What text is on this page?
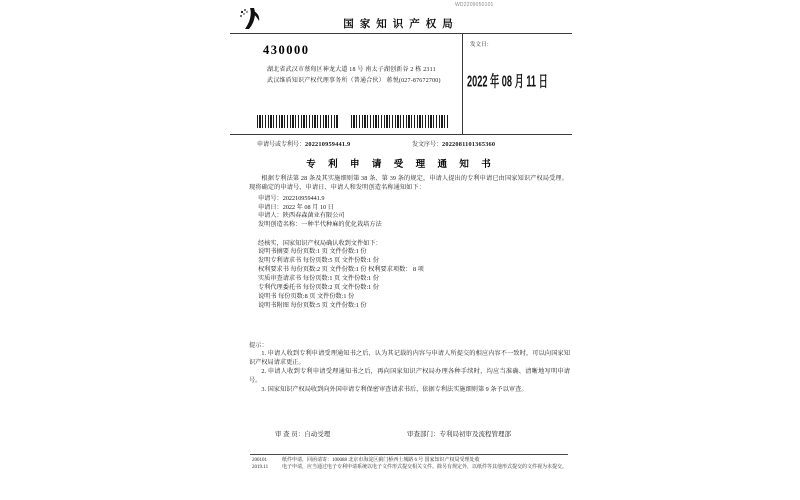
WD2209050101
国家知识产权局
发文日：
2022 年 08 月 11 日
430000
湖北省武汉市蔡甸区神龙大道 18 号 南太子湖创新谷 2 栋 2311
武汉维盾知识产权代理事务所（普通合伙） 蒋悦(027-87672700)
申请号或专利号：202210959441.9	发文序号：2022081101365360
专 利 申 请 受 理 通 知 书
根据专利法第 28 条及其实施细则第 38 条、第 39 条的规定，申请人提出的专利申请已由国家知识产权局受理。现将确定的申请号、申请日、申请人和发明创造名称通知如下：
申请号：202210959441.9
申请日：2022 年 08 月 10 日
申请人：陕西春森菌业有限公司
发明创造名称：一种半代种麻的优化栽培方法
经核实，国家知识产权局确认收到文件如下：
说明书摘要 每份页数:1 页 文件份数:1 份
发明专利请求书 每份页数:5 页 文件份数:1 份
权利要求书 每份页数:2 页 文件份数:1 份 权利要求项数： 8 项
实质审查请求书 每份页数:1 页 文件份数:1 份
专利代理委托书 每份页数:2 页 文件份数:1 份
说明书 每份页数:8 页 文件份数:1 份
说明书附图 每份页数:5 页 文件份数:1 份
提示：

1. 申请人收到专利申请受理通知书之后，认为其记载的内容与申请人所提交的相应内容不一致时，可以向国家知识产权局请求更正。

2. 申请人收到专利申请受理通知书之后，再向国家知识产权局办理各种手续时，均应当准确、清晰地写明申请号。

3. 国家知识产权局收到向外国申请专利保密审查请求书后，依据专利法实施细则第 9 条予以审查。

审 查 员：自动受理	审查部门：专利局初审及流程管理部
200101	纸件申请，回函请寄：100088 北京市海淀区蓟门桥西土城路 6 号 国家知识产权局受理处收
2019.11	电子申请，应当通过电子专利申请系统以电子文件形式提交相关文件。除另有规定外，以纸件等其他形式提交的文件视为未提交。
